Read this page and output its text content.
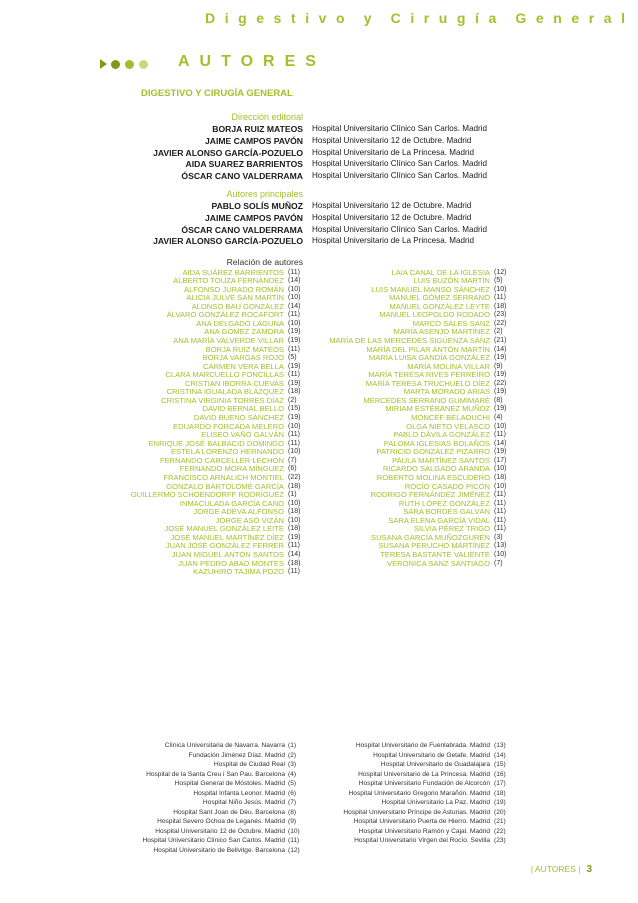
D i g e s t i v o y C i r u g í a G e n e r a l
AUTORES
DIGESTIVO Y CIRUGÍA GENERAL
Dirección editorial
BORJA RUIZ MATEOS Hospital Universitario Clínico San Carlos. Madrid
JAIME CAMPOS PAVÓN Hospital Universitario 12 de Octubre. Madrid
JAVIER ALONSO GARCÍA-POZUELO Hospital Universitario de La Princesa. Madrid
AIDA SUAREZ BARRIENTOS Hospital Universitario Clínico San Carlos. Madrid
ÓSCAR CANO VALDERRAMA Hospital Universitario Clínico San Carlos. Madrid
Autores principales
PABLO SOLÍS MUÑOZ Hospital Universitario 12 de Octubre. Madrid
JAIME CAMPOS PAVÓN Hospital Universitario 12 de Octubre. Madrid
ÓSCAR CANO VALDERRAMA Hospital Universitario Clínico San Carlos. Madrid
JAVIER ALONSO GARCÍA-POZUELO Hospital Universitario de La Princesa. Madrid
Relación de autores
AIDA SUÁREZ BARRIENTOS (11)
ALBERTO TOUZA FERNÁNDEZ (14)
ALFONSO JURADO ROMÁN (10)
ALICIA JULVE SAN MARTÍN (10)
ALONSO BAU GONZÁLEZ (14)
ÁLVARO GONZÁLEZ ROCAFORT (11)
ANA DELGADO LAGUNA (10)
ANA GÓMEZ ZAMORA (19)
ANA MARÍA VALVERDE VILLAR (19)
BORJA RUIZ MATEOS (11)
BORJA VARGAS ROJO (5)
CARMEN VERA BELLA (19)
CLARA MARCUELLO FONCILLAS (11)
CRISTIAN IBORRA CUEVAS (19)
CRISTINA IGUALADA BLÁZQUEZ (18)
CRISTINA VIRGINIA TORRES DÍAZ (2)
DAVID BERNAL BELLO (15)
DAVID BUENO SÁNCHEZ (19)
EDUARDO FORCADA MELERO (10)
ELISEO VAÑÓ GALVÁN (11)
ENRIQUE JOSÉ BALBACID DOMINGO (11)
ESTELA LORENZO HERNANDO (10)
FERNANDO CARCELLER LECHÓN (7)
FERNANDO MORA MÍNGUEZ (6)
FRANCISCO ARNALICH MONTIEL (22)
GONZALO BARTOLOMÉ GARCÍA (18)
GUILLERMO SCHOENDORFF RODRÍGUEZ (1)
INMACULADA GARCÍA CANO (10)
JORGE ADEVA ALFONSO (18)
JORGE ASÓ VIZÁN (10)
JOSÉ MANUEL GONZÁLEZ LEITE (18)
JOSÉ MANUEL MARTÍNEZ DÍEZ (19)
JUAN JOSÉ GONZÁLEZ FERRER (11)
JUAN MIGUEL ANTÓN SANTOS (14)
JUAN PEDRO ABAD MONTES (18)
KAZUHIRO TAJIMA POZO (11)
LAIA CANAL DE LA IGLESIA (12)
LUIS BUZÓN MARTÍN (5)
LUIS MANUEL MANSO SÁNCHEZ (10)
MANUEL GÓMEZ SERRANO (11)
MANUEL GONZÁLEZ LEYTE (18)
MANUEL LEOPOLDO RODADO (23)
MARCO SALES SANZ (22)
MARÍA ASENJO MARTÍNEZ (2)
MARÍA DE LAS MERCEDES SIGÜENZA SANZ (21)
MARÍA DEL PILAR ANTÓN MARTÍN (14)
MARÍA LUISA GANDÍA GONZÁLEZ (19)
MARÍA MOLINA VILLAR (9)
MARÍA TERESA RIVES FERREIRO (19)
MARÍA TERESA TRUCHUELO DÍEZ (22)
MARTA MORADO ARIAS (19)
MERCEDES SERRANO GUMIMARÉ (8)
MIRIAM ESTÉBANEZ MUÑOZ (19)
MONCEF BELAOUCHI (4)
OLGA NIETO VELASCO (10)
PABLO DÁVILA GONZÁLEZ (11)
PALOMA IGLESIAS BOLAÑOS (14)
PATRICIO GONZÁLEZ PIZARRO (19)
PAULA MARTÍNEZ SANTOS (17)
RICARDO SALGADO ARANDA (10)
ROBERTO MOLINA ESCUDERO (18)
ROCÍO CASADO PICÓN (10)
RODRIGO FERNÁNDEZ JIMÉNEZ (11)
RUTH LÓPEZ GONZÁLEZ (11)
SARA BORDES GALVÁN (11)
SARA ELENA GARCÍA VIDAL (11)
SILVIA PÉREZ TRIGO (11)
SUSANA GARCÍA MUÑOZGUREN (3)
SUSANA PERUCHO MARTÍNEZ (13)
TERESA BASTANTE VALIENTE (10)
VERÓNICA SANZ SANTIAGO (7)
Clínica Universitaria de Navarra. Navarra (1)
Fundación Jiménez Díaz. Madrid (2)
Hospital de Ciudad Real (3)
Hospital de la Santa Creu i San Pau. Barcelona (4)
Hospital General de Móstoles. Madrid (5)
Hospital Infanta Leonor. Madrid (6)
Hospital Niño Jesús. Madrid (7)
Hospital Sant Joan de Déu. Barcelona (8)
Hospital Severo Ochoa de Leganés. Madrid (9)
Hospital Universitario 12 de Octubre. Madrid (10)
Hospital Universitario Clínico San Carlos. Madrid (11)
Hospital Universitario de Bellvitge. Barcelona (12)
Hospital Universitario de Fuenlabrada. Madrid (13)
Hospital Universitario de Getafe. Madrid (14)
Hospital Universitario de Guadalajara (15)
Hospital Universitario de La Princesa. Madrid (16)
Hospital Universitario Fundación de Alcorcón (17)
Hospital Universitario Gregorio Marañón. Madrid (18)
Hospital Universitario La Paz. Madrid (19)
Hospital Universitario Príncipe de Asturias. Madrid (20)
Hospital Universitario Puerta de Hierro. Madrid (21)
Hospital Universitario Ramón y Cajal. Madrid (22)
Hospital Universitario Virgen del Rocío. Sevilla (23)
| AUTORES | 3
